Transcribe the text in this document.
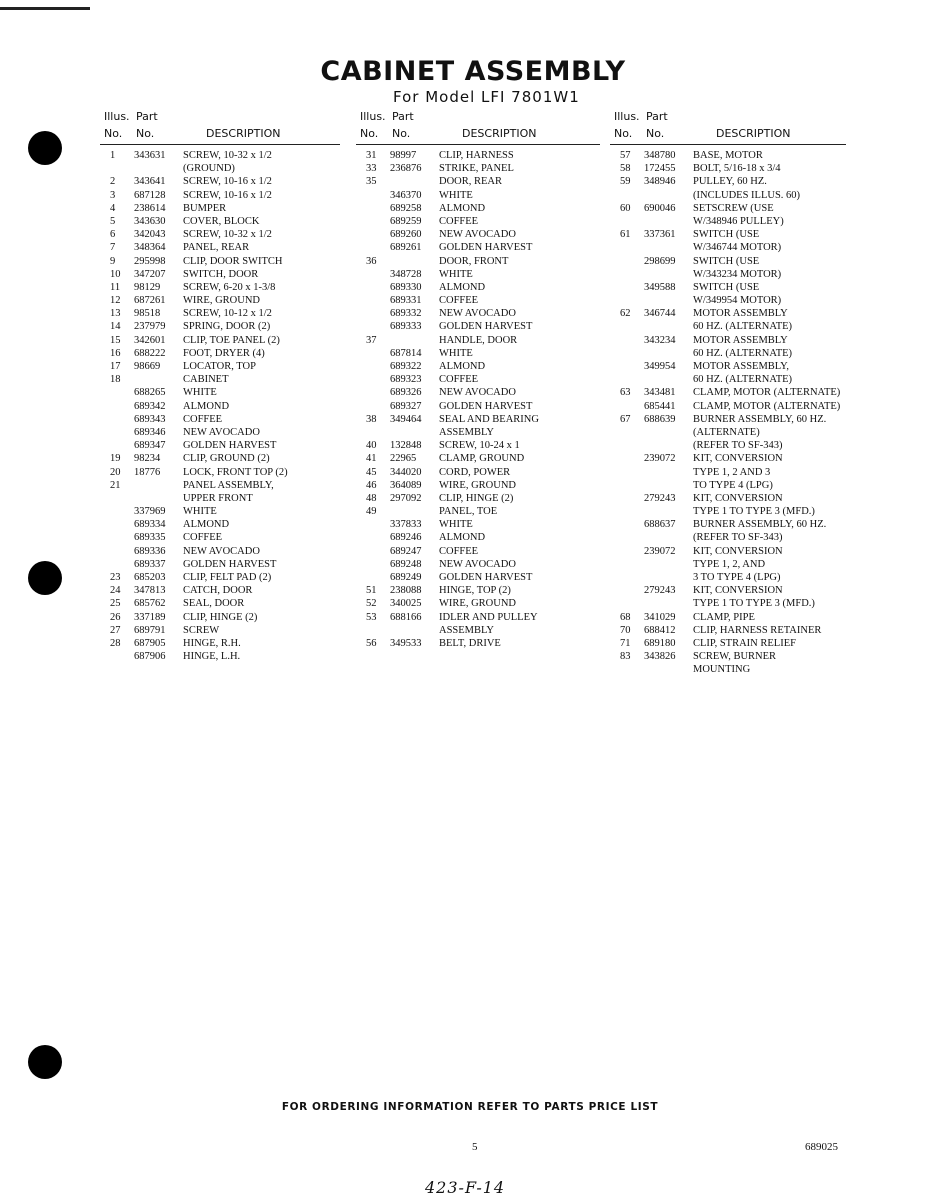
CABINET ASSEMBLY
For Model LFI 7801W1
Illus. Part
No. No.	DESCRIPTION
1 343631 SCREW, 10-32 x 1/2
(GROUND)
2 343641 SCREW, 10-16 x 1/2
3 687128 SCREW, 10-16 x 1/2
4 238614 BUMPER
5 343630 COVER, BLOCK
6 342043 SCREW, 10-32 x 1/2
7 348364 PANEL, REAR
9 295998 CLIP, DOOR SWITCH
10 347207 SWITCH, DOOR
11 98129 SCREW, 6-20 x 1-3/8
12 687261 WIRE, GROUND
13 98518 SCREW, 10-12 x 1/2
14 237979 SPRING, DOOR (2)
15 342601 CLIP, TOE PANEL (2)
16 688222 FOOT, DRYER (4)
17 98669 LOCATOR, TOP
18	CABINET
688265 WHITE
689342 ALMOND
689343 COFFEE
689346 NEW AVOCADO
689347 GOLDEN HARVEST
19 98234 CLIP, GROUND (2)
20 18776 LOCK, FRONT TOP (2)
21	PANEL ASSEMBLY,
UPPER FRONT
337969 WHITE
689334 ALMOND
689335 COFFEE
689336 NEW AVOCADO
689337 GOLDEN HARVEST
23 685203 CLIP, FELT PAD (2)
24 347813 CATCH, DOOR
25 685762 SEAL, DOOR
26 337189 CLIP, HINGE (2)
27 689791 SCREW
28 687905 HINGE, R.H.
687906 HINGE, L.H.
Illus. Part
No. No.	DESCRIPTION
31 98997 CLIP, HARNESS
33 236876 STRIKE, PANEL
35	DOOR, REAR
346370 WHITE
689258 ALMOND
689259 COFFEE
689260 NEW AVOCADO
689261 GOLDEN HARVEST
36	DOOR, FRONT
348728 WHITE
689330 ALMOND
689331 COFFEE
689332 NEW AVOCADO
689333 GOLDEN HARVEST
37	HANDLE, DOOR
687814 WHITE
689322 ALMOND
689323 COFFEE
689326 NEW AVOCADO
689327 GOLDEN HARVEST
38 349464 SEAL AND BEARING
ASSEMBLY
40 132848 SCREW, 10-24 x 1
41 22965 CLAMP, GROUND
45 344020 CORD, POWER
46 364089 WIRE, GROUND
48 297092 CLIP, HINGE (2)
49	PANEL, TOE
337833 WHITE
689246 ALMOND
689247 COFFEE
689248 NEW AVOCADO
689249 GOLDEN HARVEST
51 238088 HINGE, TOP (2)
52 340025 WIRE, GROUND
53 688166 IDLER AND PULLEY
ASSEMBLY
56 349533 BELT, DRIVE
Illus. Part
No. No.	DESCRIPTION
57 348780 BASE, MOTOR
58 172455 BOLT, 5/16-18 x 3/4
59 348946 PULLEY, 60 HZ.
(INCLUDES ILLUS. 60)
60 690046 SETSCREW (USE
W/348946 PULLEY)
61 337361 SWITCH (USE
W/346744 MOTOR)
298699 SWITCH (USE
W/343234 MOTOR)
349588 SWITCH (USE
W/349954 MOTOR)
62 346744 MOTOR ASSEMBLY
60 HZ. (ALTERNATE)
343234 MOTOR ASSEMBLY
60 HZ. (ALTERNATE)
349954 MOTOR ASSEMBLY,
60 HZ. (ALTERNATE)
63 343481 CLAMP, MOTOR (ALTERNATE)
685441 CLAMP, MOTOR (ALTERNATE)
67 688639 BURNER ASSEMBLY, 60 HZ.
(ALTERNATE)
(REFER TO SF-343)
239072 KIT, CONVERSION
TYPE 1, 2 AND 3
TO TYPE 4 (LPG)
279243 KIT, CONVERSION
TYPE 1 TO TYPE 3 (MFD.)
688637 BURNER ASSEMBLY, 60 HZ.
(REFER TO SF-343)
239072 KIT, CONVERSION
TYPE 1, 2, AND
3 TO TYPE 4 (LPG)
279243 KIT, CONVERSION
TYPE 1 TO TYPE 3 (MFD.)
68 341029 CLAMP, PIPE
70 688412 CLIP, HARNESS RETAINER
71 689180 CLIP, STRAIN RELIEF
83 343826 SCREW, BURNER
MOUNTING
FOR ORDERING INFORMATION REFER TO PARTS PRICE LIST
5	689025
423-F-14
